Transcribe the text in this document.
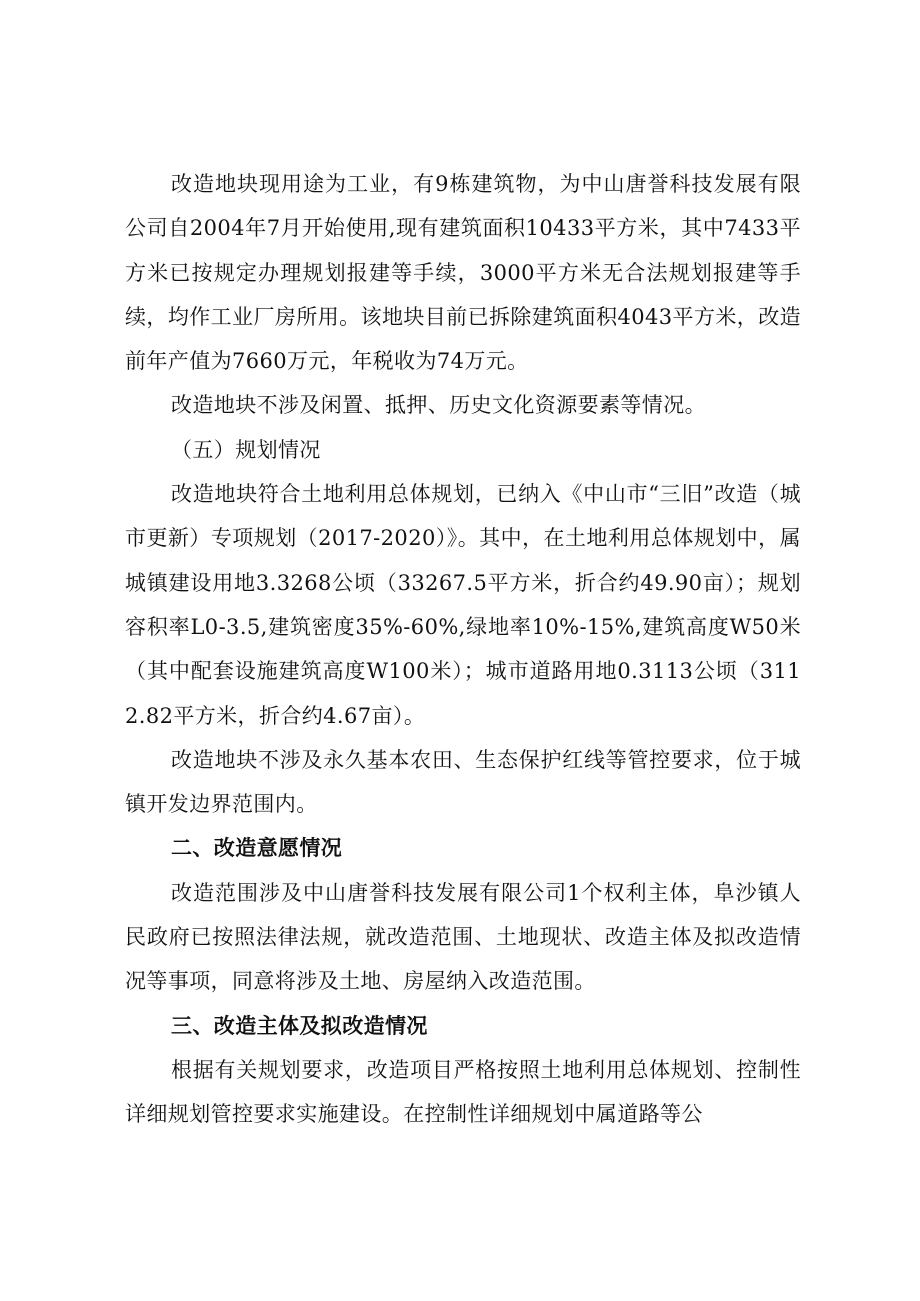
改造地块现用途为工业，有9栋建筑物，为中山唐誉科技发展有限公司自2004年7月开始使用,现有建筑面积10433平方米，其中7433平方米已按规定办理规划报建等手续，3000平方米无合法规划报建等手续，均作工业厂房所用。该地块目前已拆除建筑面积4043平方米，改造前年产值为7660万元，年税收为74万元。

改造地块不涉及闲置、抵押、历史文化资源要素等情况。

（五）规划情况

改造地块符合土地利用总体规划，已纳入《中山市“三旧”改造（城市更新）专项规划（2017-2020）》。其中，在土地利用总体规划中，属城镇建设用地3.3268公顷（33267.5平方米，折合约49.90亩）；规划容积率L0-3.5,建筑密度35%-60%,绿地率10%-15%,建筑高度W50米（其中配套设施建筑高度W100米）；城市道路用地0.3113公顷（3112.82平方米，折合约4.67亩）。

改造地块不涉及永久基本农田、生态保护红线等管控要求，位于城镇开发边界范围内。

二、改造意愿情况

改造范围涉及中山唐誉科技发展有限公司1个权利主体，阜沙镇人民政府已按照法律法规，就改造范围、土地现状、改造主体及拟改造情况等事项，同意将涉及土地、房屋纳入改造范围。

三、改造主体及拟改造情况

根据有关规划要求，改造项目严格按照土地利用总体规划、控制性详细规划管控要求实施建设。在控制性详细规划中属道路等公
